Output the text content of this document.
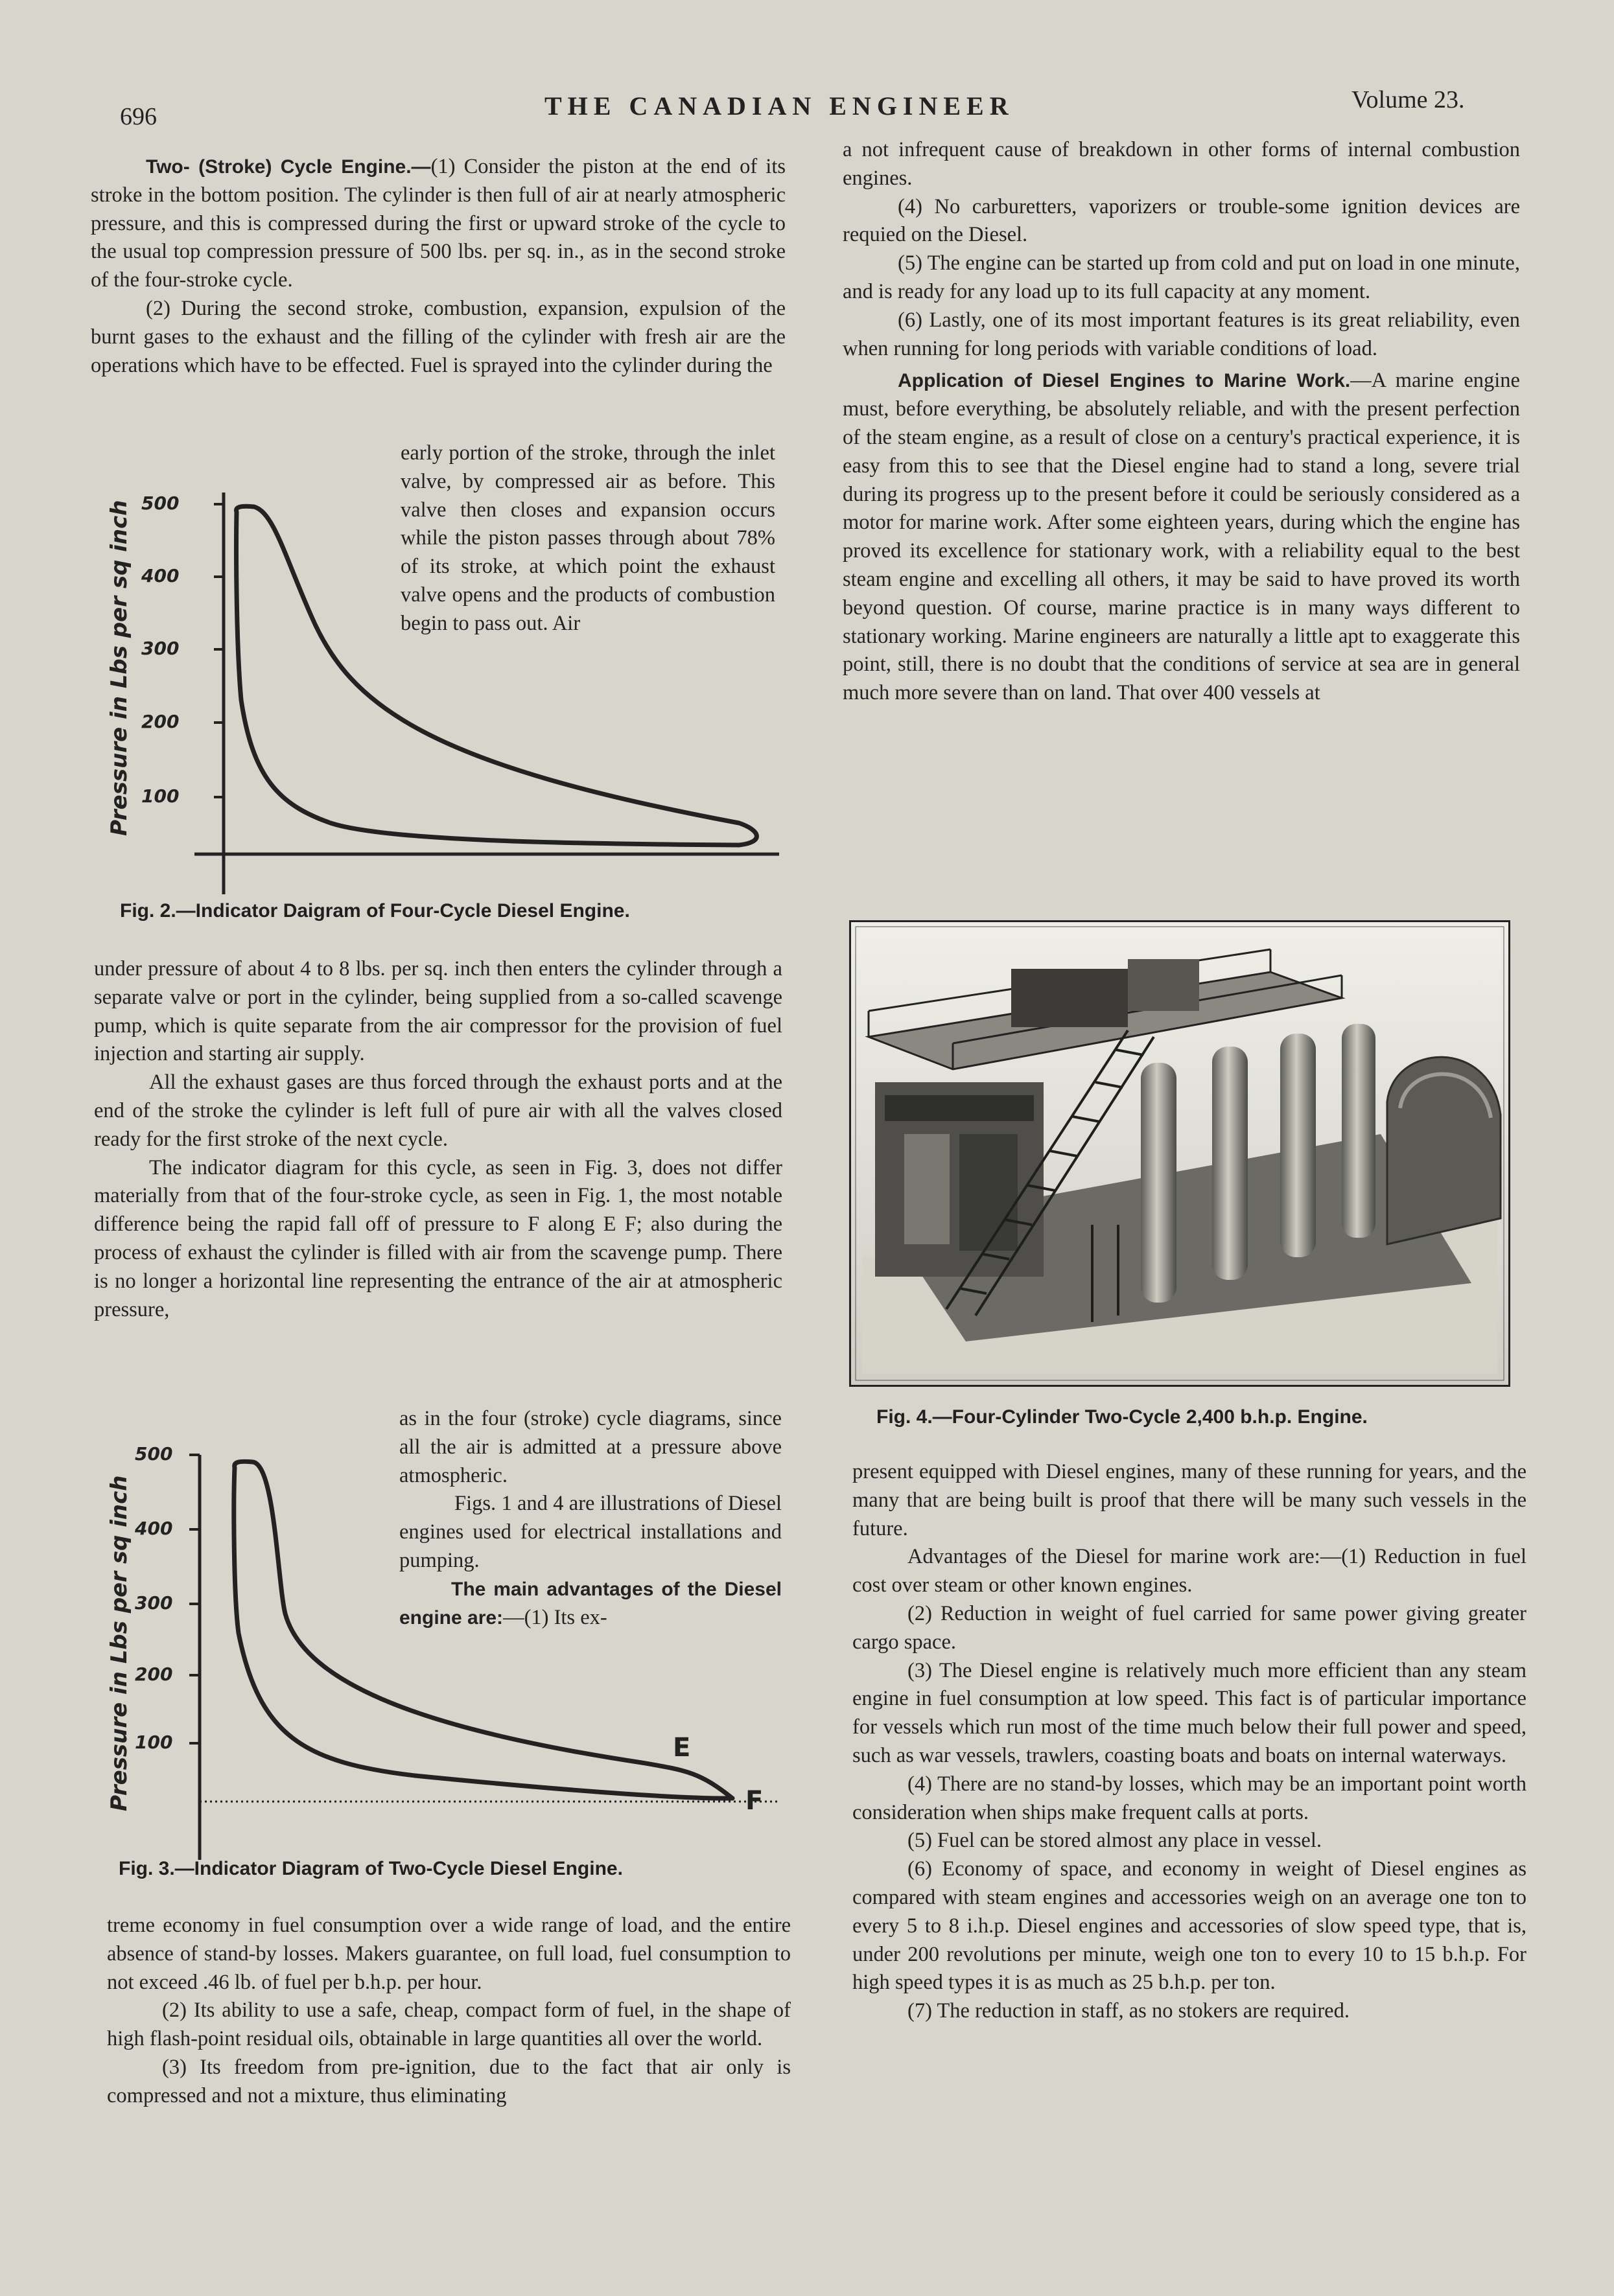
696	THE CANADIAN ENGINEER	Volume 23.

Two- (Stroke) Cycle Engine.—(1) Consider the piston at the end of its stroke in the bottom position. The cylinder is then full of air at nearly atmospheric pressure, and this is compressed during the first or upward stroke of the cycle to the usual top compression pressure of 500 lbs. per sq. in., as in the second stroke of the four-stroke cycle.

(2) During the second stroke, combustion, expansion, expulsion of the burnt gases to the exhaust and the filling of the cylinder with fresh air are the operations which have to be effected. Fuel is sprayed into the cylinder during the

early portion of the stroke, through the inlet valve, by compressed air as before. This valve then closes and expansion occurs while the piston passes through about 78% of its stroke, at which point the exhaust valve opens and the products of combustion begin to pass out. Air

Pressure in Lbs per sq inch 500
400
300
200
100
Fig. 2.—Indicator Daigram of Four-Cycle Diesel Engine.

under pressure of about 4 to 8 lbs. per sq. inch then enters the cylinder through a separate valve or port in the cylinder, being supplied from a so-called scavenge pump, which is quite separate from the air compressor for the provision of fuel injection and starting air supply.

All the exhaust gases are thus forced through the exhaust ports and at the end of the stroke the cylinder is left full of pure air with all the valves closed ready for the first stroke of the next cycle.

The indicator diagram for this cycle, as seen in Fig. 3, does not differ materially from that of the four-stroke cycle, as seen in Fig. 1, the most notable difference being the rapid fall off of pressure to F along E F; also during the process of exhaust the cylinder is filled with air from the scavenge pump. There is no longer a horizontal line representing the entrance of the air at atmospheric pressure,

as in the four (stroke) cycle diagrams, since all the air is admitted at a pressure above atmospheric.

Figs. 1 and 4 are illustrations of Diesel engines used for electrical installations and pumping.

The main advantages of the Diesel engine are:—(1) Its ex-

Pressure in Lbs per sq inch
500
400
300
200
100	E
F
Fig. 3.—Indicator Diagram of Two-Cycle Diesel Engine.

treme economy in fuel consumption over a wide range of load, and the entire absence of stand-by losses. Makers guarantee, on full load, fuel consumption to not exceed .46 lb. of fuel per b.h.p. per hour.

(2) Its ability to use a safe, cheap, compact form of fuel, in the shape of high flash-point residual oils, obtainable in large quantities all over the world.

(3) Its freedom from pre-ignition, due to the fact that air only is compressed and not a mixture, thus eliminating

a not infrequent cause of breakdown in other forms of internal combustion engines.

(4) No carburetters, vaporizers or trouble-some ignition devices are requied on the Diesel.

(5) The engine can be started up from cold and put on load in one minute, and is ready for any load up to its full capacity at any moment.

(6) Lastly, one of its most important features is its great reliability, even when running for long periods with variable conditions of load.

Application of Diesel Engines to Marine Work.—A marine engine must, before everything, be absolutely reliable, and with the present perfection of the steam engine, as a result of close on a century's practical experience, it is easy from this to see that the Diesel engine had to stand a long, severe trial during its progress up to the present before it could be seriously considered as a motor for marine work. After some eighteen years, during which the engine has proved its excellence for stationary work, with a reliability equal to the best steam engine and excelling all others, it may be said to have proved its worth beyond question. Of course, marine practice is in many ways different to stationary working. Marine engineers are naturally a little apt to exaggerate this point, still, there is no doubt that the conditions of service at sea are in general much more severe than on land. That over 400 vessels at

Fig. 4.—Four-Cylinder Two-Cycle 2,400 b.h.p. Engine.

present equipped with Diesel engines, many of these running for years, and the many that are being built is proof that there will be many such vessels in the future.

Advantages of the Diesel for marine work are:—(1) Reduction in fuel cost over steam or other known engines.

(2) Reduction in weight of fuel carried for same power giving greater cargo space.

(3) The Diesel engine is relatively much more efficient than any steam engine in fuel consumption at low speed. This fact is of particular importance for vessels which run most of the time much below their full power and speed, such as war vessels, trawlers, coasting boats and boats on internal waterways.

(4) There are no stand-by losses, which may be an important point worth consideration when ships make frequent calls at ports.

(5) Fuel can be stored almost any place in vessel.

(6) Economy of space, and economy in weight of Diesel engines as compared with steam engines and accessories weigh on an average one ton to every 5 to 8 i.h.p. Diesel engines and accessories of slow speed type, that is, under 200 revolutions per minute, weigh one ton to every 10 to 15 b.h.p. For high speed types it is as much as 25 b.h.p. per ton.

(7) The reduction in staff, as no stokers are required.
